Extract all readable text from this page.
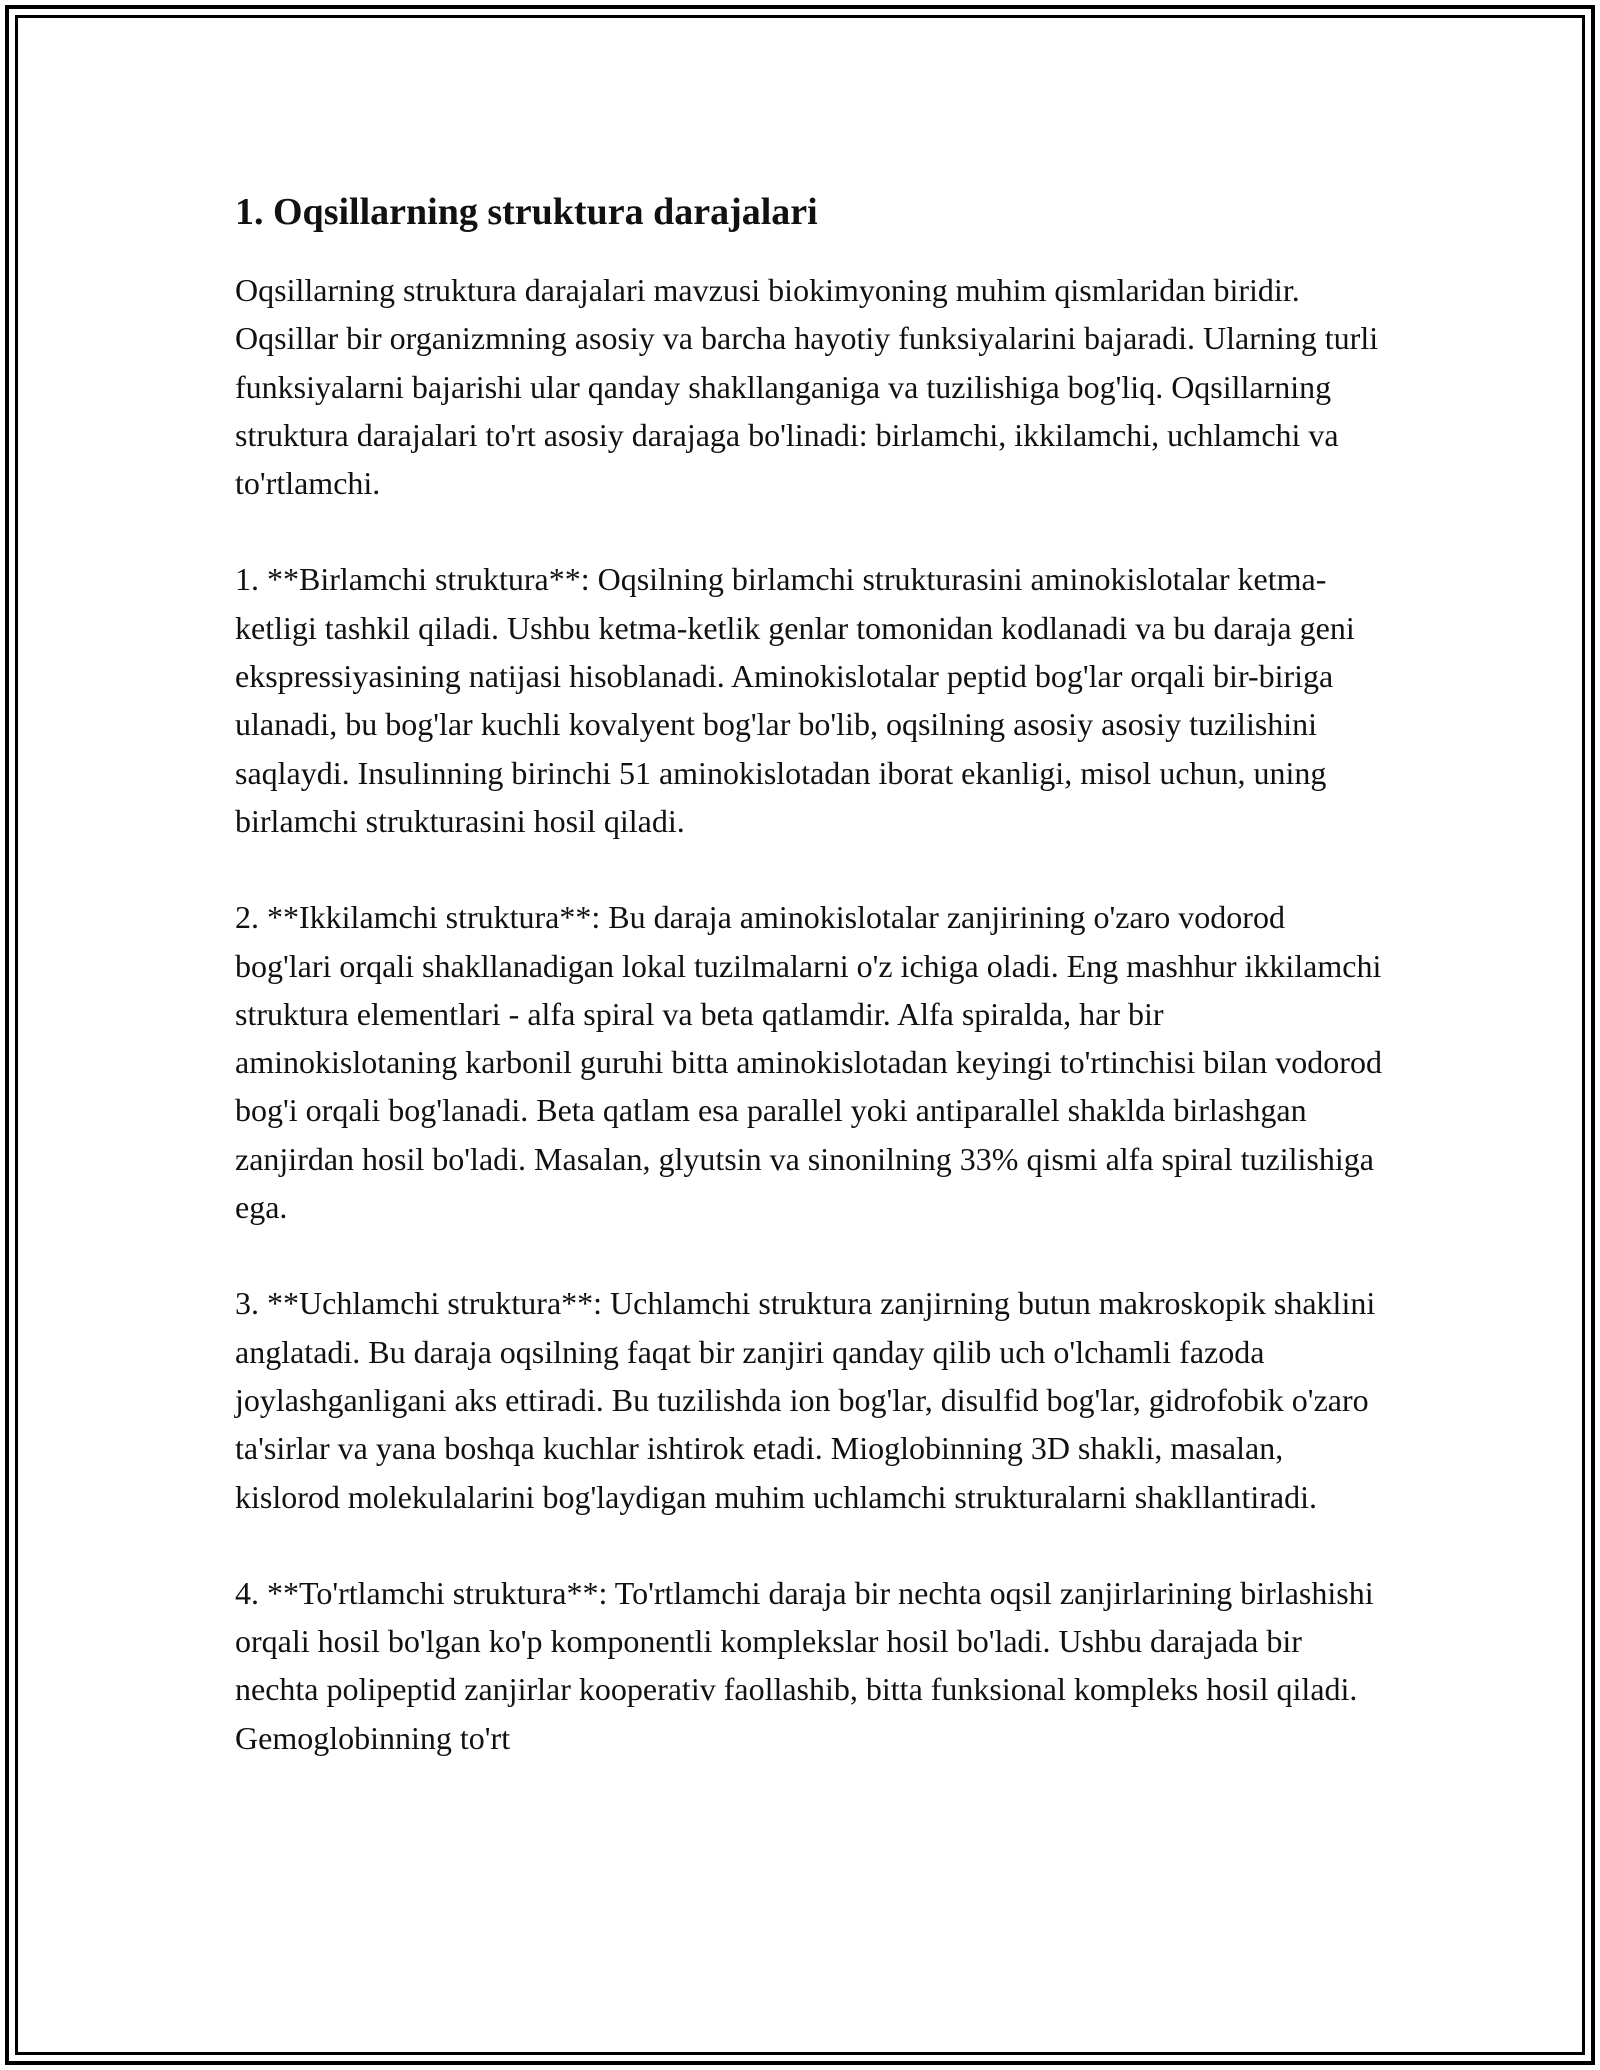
1. Oqsillarning struktura darajalari

Oqsillarning struktura darajalari mavzusi biokimyoning muhim qismlaridan biridir. Oqsillar bir organizmning asosiy va barcha hayotiy funksiyalarini bajaradi. Ularning turli funksiyalarni bajarishi ular qanday shakllanganiga va tuzilishiga bog'liq. Oqsillarning struktura darajalari to'rt asosiy darajaga bo'linadi: birlamchi, ikkilamchi, uchlamchi va to'rtlamchi.

1. **Birlamchi struktura**: Oqsilning birlamchi strukturasini aminokislotalar ketma-ketligi tashkil qiladi. Ushbu ketma-ketlik genlar tomonidan kodlanadi va bu daraja geni ekspressiyasining natijasi hisoblanadi. Aminokislotalar peptid bog'lar orqali bir-biriga ulanadi, bu bog'lar kuchli kovalyent bog'lar bo'lib, oqsilning asosiy asosiy tuzilishini saqlaydi. Insulinning birinchi 51 aminokislotadan iborat ekanligi, misol uchun, uning birlamchi strukturasini hosil qiladi.

2. **Ikkilamchi struktura**: Bu daraja aminokislotalar zanjirining o'zaro vodorod bog'lari orqali shakllanadigan lokal tuzilmalarni o'z ichiga oladi. Eng mashhur ikkilamchi struktura elementlari - alfa spiral va beta qatlamdir. Alfa spiralda, har bir aminokislotaning karbonil guruhi bitta aminokislotadan keyingi to'rtinchisi bilan vodorod bog'i orqali bog'lanadi. Beta qatlam esa parallel yoki antiparallel shaklda birlashgan zanjirdan hosil bo'ladi. Masalan, glyutsin va sinonilning 33% qismi alfa spiral tuzilishiga ega.

3. **Uchlamchi struktura**: Uchlamchi struktura zanjirning butun makroskopik shaklini anglatadi. Bu daraja oqsilning faqat bir zanjiri qanday qilib uch o'lchamli fazoda joylashganligani aks ettiradi. Bu tuzilishda ion bog'lar, disulfid bog'lar, gidrofobik o'zaro ta'sirlar va yana boshqa kuchlar ishtirok etadi. Mioglobinning 3D shakli, masalan, kislorod molekulalarini bog'laydigan muhim uchlamchi strukturalarni shakllantiradi.

4. **To'rtlamchi struktura**: To'rtlamchi daraja bir nechta oqsil zanjirlarining birlashishi orqali hosil bo'lgan ko'p komponentli komplekslar hosil bo'ladi. Ushbu darajada bir nechta polipeptid zanjirlar kooperativ faollashib, bitta funksional kompleks hosil qiladi. Gemoglobinning to'rt
